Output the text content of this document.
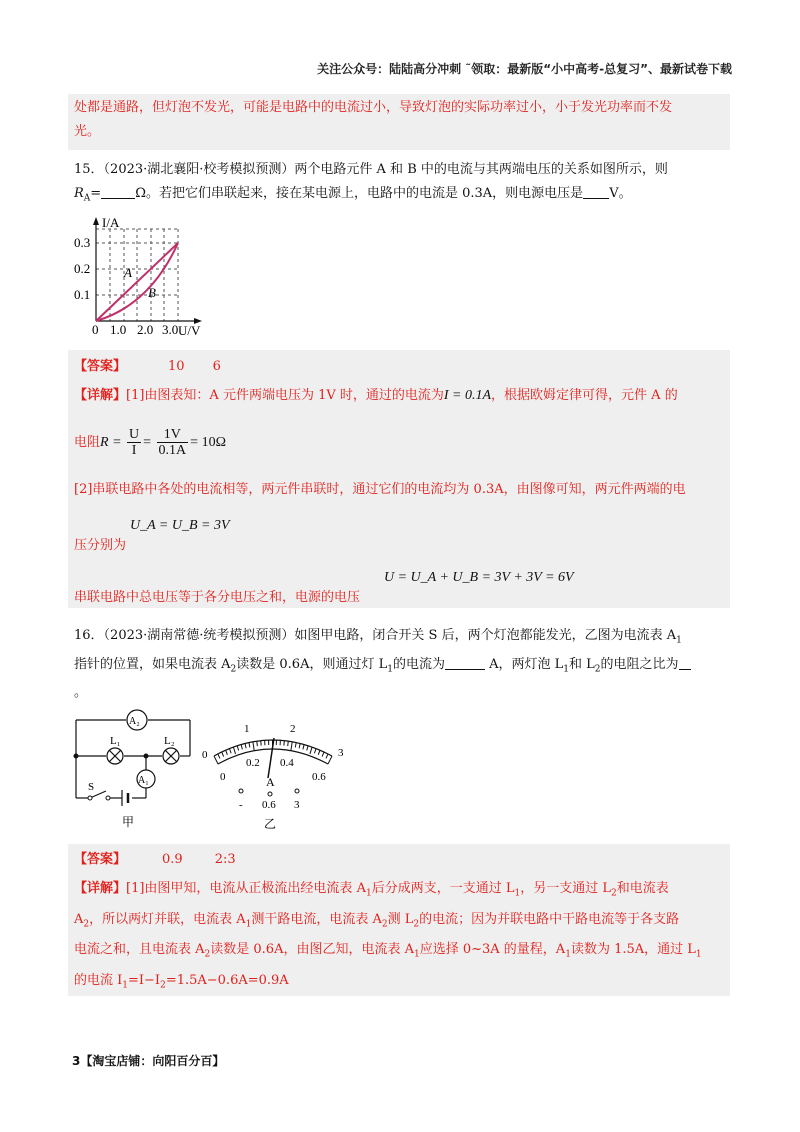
关注公众号：陆陆高分冲刺 ˜领取：最新版“小中高考-总复习”、最新试卷下载
处都是通路，但灯泡不发光，可能是电路中的电流过小，导致灯泡的实际功率过小，小于发光功率而不发
光。
15．（2023·湖北襄阳·校考模拟预测）两个电路元件 A 和 B 中的电流与其两端电压的关系如图所示，则
$R_A=$	Ω。若把它们串联起来，接在某电源上，电路中的电流是 0.3A，则电源电压是 V。
I/A
U/V
0
0.3
0.2
0.1
1.0 2.0 3.0
A
B
【答案】	10 6
【详解】[1]由图表知：A 元件两端电压为 1V 时，通过的电流为I = 0.1A，根据欧姆定律可得，元件 A 的
电阻$R = \frac{U}{I} = \frac{1V}{0.1A} = 10\Omega$
[2]串联电路中各处的电流相等，两元件串联时，通过它们的电流均为 0.3A，由图像可知，两元件两端的电
U_A = U_B = 3V
压分别为
U = U_A + U_B = 3V + 3V = 6V
串联电路中总电压等于各分电压之和，电源的电压
16．（2023·湖南常德·统考模拟预测）如图甲电路，闭合开关 S 后，两个灯泡都能发光，乙图为电流表 $A_1$
指针的位置，如果电流表 $A_2$读数是 0.6A，则通过灯 $L_1$的电流为	A，两灯泡 $L_1$和 $L_2$的电阻之比为
。
A₂
A₁
L₁	L₂
S
甲
0
1	2
3
0
0.2 0.4
0.6
A
- 0.6 3
乙
【答案】	0.9 2:3
【详解】[1]由图甲知，电流从正极流出经电流表 $A_1$后分成两支，一支通过 $L_1$，另一支通过 $L_2$和电流表
$A_2$，所以两灯并联，电流表 $A_1$测干路电流，电流表 $A_2$测 $L_2$的电流；因为并联电路中干路电流等于各支路
电流之和，且电流表 $A_2$读数是 0.6A，由图乙知，电流表 $A_1$应选择 0~3A 的量程，$A_1$读数为 1.5A，通过 $L_1$
的电流 $I_1=I-I_2=1.5A-0.6A=0.9A$
3【淘宝店铺：向阳百分百】
